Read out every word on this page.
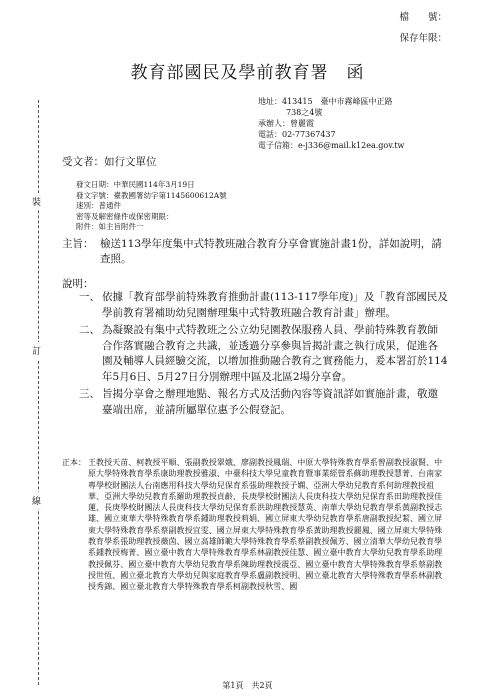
檔　　號：
保存年限：
教育部國民及學前教育署　函
地址：413415　臺中市霧峰區中正路
738之4號
承辦人：曾麗霞
電話：02-77367437
電子信箱：e-j336@mail.k12ea.gov.tw
受文者：如行文單位
發文日期：中華民國114年3月19日
發文字號：臺教國署幼字第1145600612A號
速別：普通件
密等及解密條件或保密期限：
附件：如主旨附件一
主旨： 檢送113學年度集中式特教班融合教育分享會實施計畫1份，詳如說明，請查照。
說明：
一、 依據「教育部學前特殊教育推動計畫(113-117學年度)」及「教育部國民及學前教育署補助幼兒園辦理集中式特教班融合教育計畫」辦理。
二、 為凝聚設有集中式特教班之公立幼兒園教保服務人員、學前特殊教育教師合作落實融合教育之共識，並透過分享參與旨揭計畫之執行成果，促進各園及輔導人員經驗交流，以增加推動融合教育之實務能力，爰本署訂於114年5月6日、5月27日分別辦理中區及北區2場分享會。
三、 旨揭分享會之辦理地點、報名方式及活動內容等資訊詳如實施計畫，敬邀臺端出席，並請所屬單位惠予公假登記。
正本： 王教授天苗、柯教授平順、張副教授翠娥、廖副教授鳳瑞、中原大學特殊教育學系曾副教授淑賢、中原大學特殊教育學系康助理教授雅淑、中臺科技大學兒童教育暨事業經營系蘇助理教授慧菁、台南家專學校財團法人台南應用科技大學幼兒保育系張助理教授子嫻、亞洲大學幼兒教育系何助理教授祖華、亞洲大學幼兒教育系羅助理教授貞齡、長庚學校財團法人長庚科技大學幼兒保育系田助理教授佳蓮、長庚學校財團法人長庚科技大學幼兒保育系洪助理教授慧英、南華大學幼兒教育學系黃副教授志雄、國立東華大學特殊教育學系鍾助理教授莉娟、國立屏東大學幼兒教育學系唐副教授紀絜、國立屏東大學特殊教育學系蔡副教授宜雯、國立屏東大學特殊教育學系黃助理教授麗鳳、國立屏東大學特殊教育學系張助理教授薇茵、國立高雄師範大學特殊教育學系蔡副教授佩芳、國立清華大學幼兒教育學系鍾教授梅菁、國立臺中教育大學特殊教育學系林副教授佳慧、國立臺中教育大學幼兒教育學系助理教授佩芬、國立臺中教育大學幼兒教育學系陳助理教授震亞、國立臺中教育大學特殊教育學系蔡副教授世恆、國立臺北教育大學幼兒與家庭教育學系盧副教授明、國立臺北教育大學特殊教育學系林副教授秀錦、國立臺北教育大學特殊教育學系柯副教授秋雪、國
裝
訂
線
第1頁　共2頁
